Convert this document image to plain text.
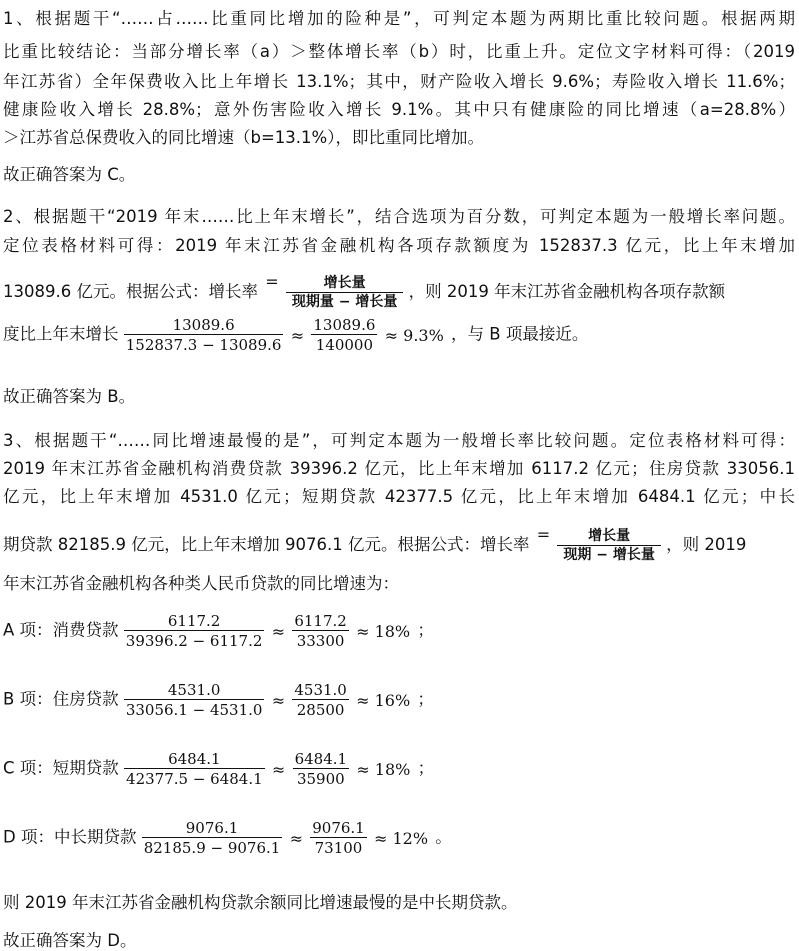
1、根据题干“……占……比重同比增加的险种是”，可判定本题为两期比重比较问题。根据两期
比重比较结论：当部分增长率（a）＞整体增长率（b）时，比重上升。定位文字材料可得：（2019
年江苏省）全年保费收入比上年增长 13.1%；其中，财产险收入增长 9.6%；寿险收入增长 11.6%；
健康险收入增长 28.8%；意外伤害险收入增长 9.1%。其中只有健康险的同比增速（a=28.8%）
＞江苏省总保费收入的同比增速（b=13.1%），即比重同比增加。
故正确答案为 C。
2、根据题干“2019 年末……比上年末增长”，结合选项为百分数，可判定本题为一般增长率问题。
定位表格材料可得：2019 年末江苏省金融机构各项存款额度为 152837.3 亿元，比上年末增加
13089.6 亿元。根据公式：增长率 = $\frac{\text{增长量}}{\text{现期量 − 增长量}}$ ，则 2019 年末江苏省金融机构各项存款额
度比上年末增长 $\frac{13089.6}{152837.3 - 13089.6} \approx \frac{13089.6}{140000} \approx 9.3\%$ ，与 B 项最接近。
故正确答案为 B。
3、根据题干“……同比增速最慢的是”，可判定本题为一般增长率比较问题。定位表格材料可得：
2019 年末江苏省金融机构消费贷款 39396.2 亿元，比上年末增加 6117.2 亿元；住房贷款 33056.1
亿元，比上年末增加 4531.0 亿元；短期贷款 42377.5 亿元，比上年末增加 6484.1 亿元；中长
期贷款 82185.9 亿元，比上年末增加 9076.1 亿元。根据公式：增长率 = $\frac{\text{增长量}}{\text{现期 − 增长量}}$ ，则 2019
年末江苏省金融机构各种类人民币贷款的同比增速为：
A 项：消费贷款 $\frac{6117.2}{39396.2 - 6117.2} \approx \frac{6117.2}{33300} \approx 18\%$ ；
B 项：住房贷款 $\frac{4531.0}{33056.1 - 4531.0} \approx \frac{4531.0}{28500} \approx 16\%$ ；
C 项：短期贷款 $\frac{6484.1}{42377.5 - 6484.1} \approx \frac{6484.1}{35900} \approx 18\%$ ；
D 项：中长期贷款 $\frac{9076.1}{82185.9 - 9076.1} \approx \frac{9076.1}{73100} \approx 12\%$ 。
则 2019 年末江苏省金融机构贷款余额同比增速最慢的是中长期贷款。
故正确答案为 D。
